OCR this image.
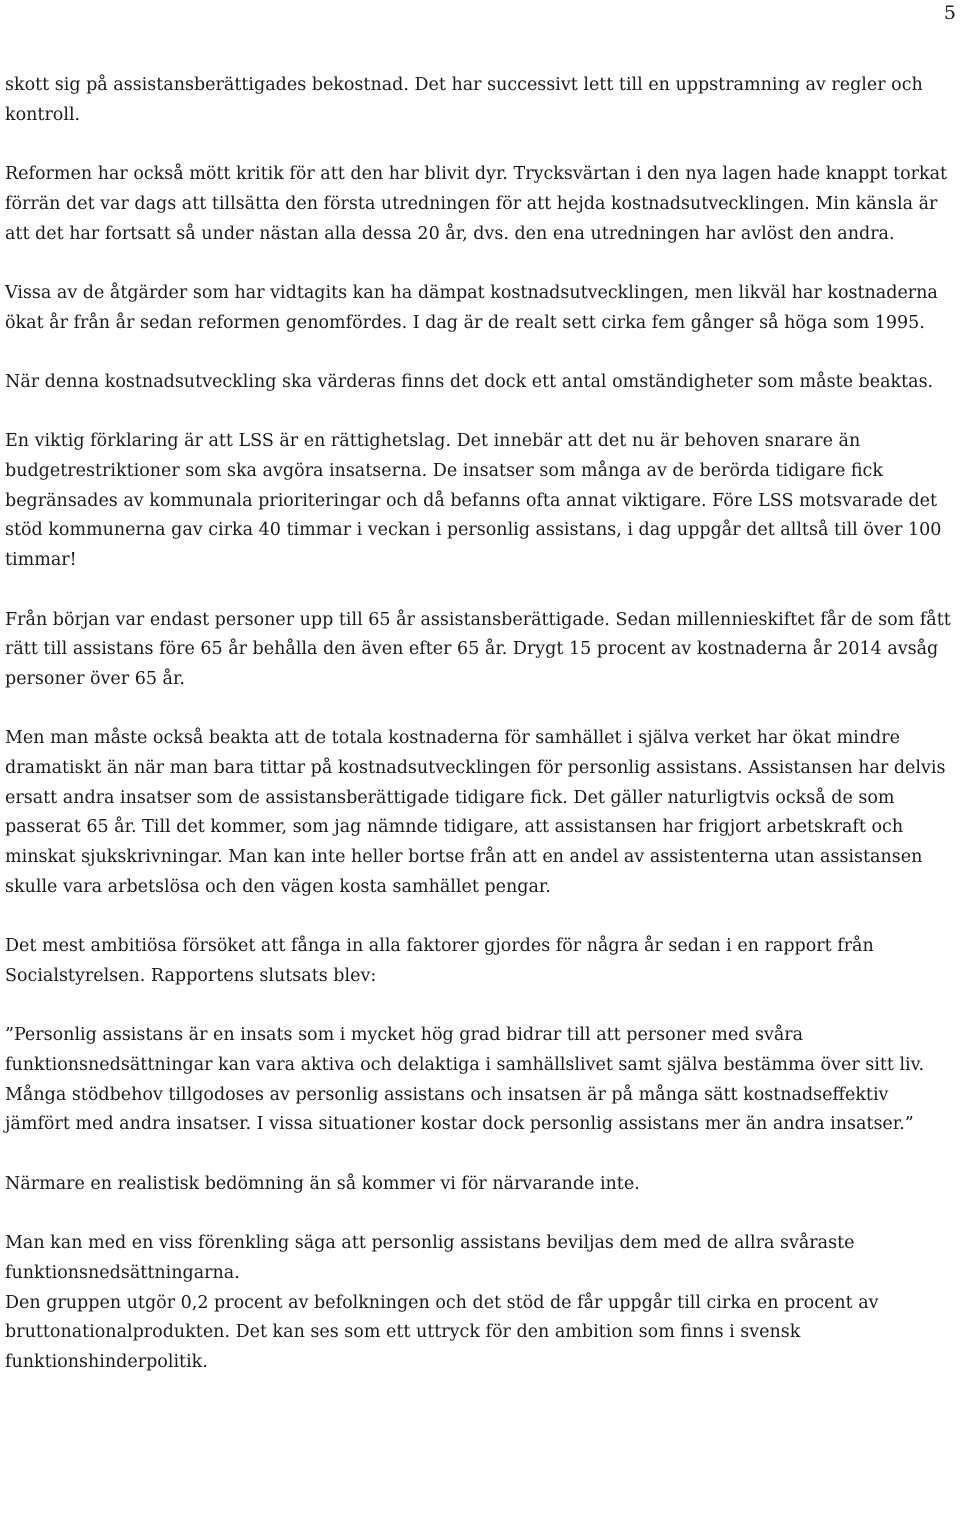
5

skott sig på assistansberättigades bekostnad. Det har successivt lett till en uppstramning av regler och kontroll.

Reformen har också mött kritik för att den har blivit dyr. Trycksvärtan i den nya lagen hade knappt torkat förrän det var dags att tillsätta den första utredningen för att hejda kostnadsutvecklingen. Min känsla är att det har fortsatt så under nästan alla dessa 20 år, dvs. den ena utredningen har avlöst den andra.

Vissa av de åtgärder som har vidtagits kan ha dämpat kostnadsutvecklingen, men likväl har kostnaderna ökat år från år sedan reformen genomfördes. I dag är de realt sett cirka fem gånger så höga som 1995.

När denna kostnadsutveckling ska värderas finns det dock ett antal omständigheter som måste beaktas.

En viktig förklaring är att LSS är en rättighetslag. Det innebär att det nu är behoven snarare än budgetrestriktioner som ska avgöra insatserna. De insatser som många av de berörda tidigare fick begränsades av kommunala prioriteringar och då befanns ofta annat viktigare. Före LSS motsvarade det stöd kommunerna gav cirka 40 timmar i veckan i personlig assistans, i dag uppgår det alltså till över 100 timmar!

Från början var endast personer upp till 65 år assistansberättigade. Sedan millennieskiftet får de som fått rätt till assistans före 65 år behålla den även efter 65 år. Drygt 15 procent av kostnaderna år 2014 avsåg personer över 65 år.

Men man måste också beakta att de totala kostnaderna för samhället i själva verket har ökat mindre dramatiskt än när man bara tittar på kostnadsutvecklingen för personlig assistans. Assistansen har delvis ersatt andra insatser som de assistansberättigade tidigare fick. Det gäller naturligtvis också de som passerat 65 år. Till det kommer, som jag nämnde tidigare, att assistansen har frigjort arbetskraft och minskat sjukskrivningar. Man kan inte heller bortse från att en andel av assistenterna utan assistansen skulle vara arbetslösa och den vägen kosta samhället pengar.

Det mest ambitiösa försöket att fånga in alla faktorer gjordes för några år sedan i en rapport från Socialstyrelsen. Rapportens slutsats blev:

”Personlig assistans är en insats som i mycket hög grad bidrar till att personer med svåra funktionsnedsättningar kan vara aktiva och delaktiga i samhällslivet samt själva bestämma över sitt liv. Många stödbehov tillgodoses av personlig assistans och insatsen är på många sätt kostnadseffektiv jämfört med andra insatser. I vissa situationer kostar dock personlig assistans mer än andra insatser.”

Närmare en realistisk bedömning än så kommer vi för närvarande inte.

Man kan med en viss förenkling säga att personlig assistans beviljas dem med de allra svåraste funktionsnedsättningarna.

Den gruppen utgör 0,2 procent av befolkningen och det stöd de får uppgår till cirka en procent av bruttonationalprodukten. Det kan ses som ett uttryck för den ambition som finns i svensk funktionshinderpolitik.
